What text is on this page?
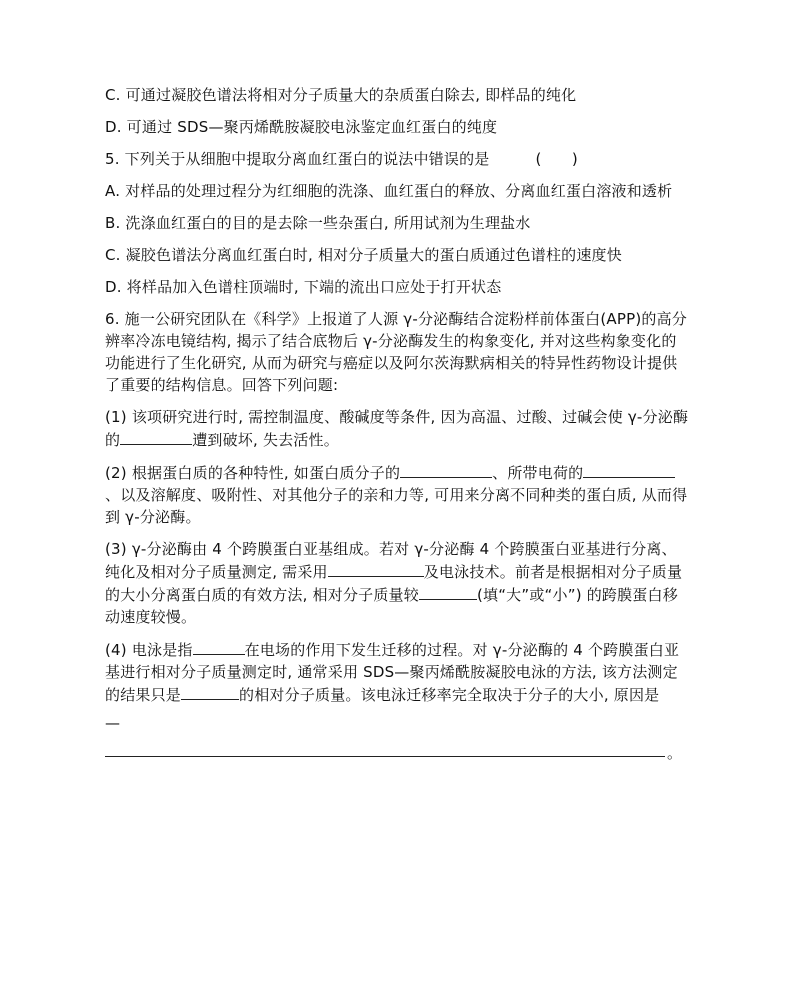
C. 可通过凝胶色谱法将相对分子质量大的杂质蛋白除去, 即样品的纯化

D. 可通过 SDS—聚丙烯酰胺凝胶电泳鉴定血红蛋白的纯度

5. 下列关于从细胞中提取分离血红蛋白的说法中错误的是	(　　)

A. 对样品的处理过程分为红细胞的洗涤、血红蛋白的释放、分离血红蛋白溶液和透析

B. 洗涤血红蛋白的目的是去除一些杂蛋白, 所用试剂为生理盐水

C. 凝胶色谱法分离血红蛋白时, 相对分子质量大的蛋白质通过色谱柱的速度快

D. 将样品加入色谱柱顶端时, 下端的流出口应处于打开状态

6. 施一公研究团队在《科学》上报道了人源 γ-分泌酶结合淀粉样前体蛋白(APP)的高分辨率冷冻电镜结构, 揭示了结合底物后 γ-分泌酶发生的构象变化, 并对这些构象变化的功能进行了生化研究, 从而为研究与癌症以及阿尔茨海默病相关的特异性药物设计提供了重要的结构信息。回答下列问题:

(1) 该项研究进行时, 需控制温度、酸碱度等条件, 因为高温、过酸、过碱会使 γ-分泌酶的	遭到破坏, 失去活性。

(2) 根据蛋白质的各种特性, 如蛋白质分子的	、所带电荷的、以及溶解度、吸附性、对其他分子的亲和力等, 可用来分离不同种类的蛋白质, 从而得到 γ-分泌酶。

(3) γ-分泌酶由 4 个跨膜蛋白亚基组成。若对 γ-分泌酶 4 个跨膜蛋白亚基进行分离、纯化及相对分子质量测定, 需采用	及电泳技术。前者是根据相对分子质量的大小分离蛋白质的有效方法, 相对分子质量较	(填“大”或“小”) 的跨膜蛋白移动速度较慢。

(4) 电泳是指	在电场的作用下发生迁移的过程。对 γ-分泌酶的 4 个跨膜蛋白亚基进行相对分子质量测定时, 通常采用 SDS—聚丙烯酰胺凝胶电泳的方法, 该方法测定的结果只是	的相对分子质量。该电泳迁移率完全取决于分子的大小, 原因是

—
。
